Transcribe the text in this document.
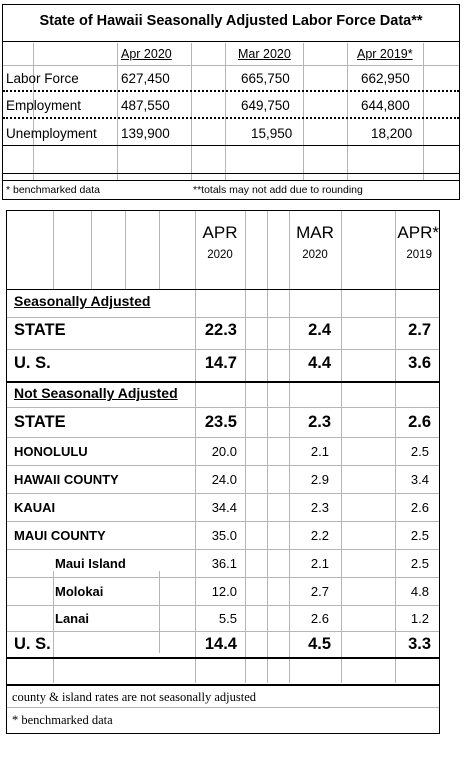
State of Hawaii Seasonally Adjusted Labor Force Data**
Apr 2020	Mar 2020	Apr 2019*
Labor Force	627,450	665,750	662,950
Employment	487,550	649,750	644,800
Unemployment 139,900	15,950	18,200
* benchmarked data	**totals may not add due to rounding
APR
2020
MAR
2020
APR*
2019
Seasonally Adjusted
STATE	22.3	2.4	2.7
U. S.	14.7	4.4	3.6
Not Seasonally Adjusted
STATE	23.5	2.3	2.6
HONOLULU	20.0	2.1	2.5
HAWAII COUNTY	24.0	2.9	3.4
KAUAI	34.4	2.3	2.6
MAUI COUNTY	35.0	2.2	2.5
Maui Island	36.1	2.1	2.5
Molokai	12.0	2.7	4.8
Lanai	5.5	2.6	1.2
U. S.	14.4	4.5	3.3
county & island rates are not seasonally adjusted
* benchmarked data
